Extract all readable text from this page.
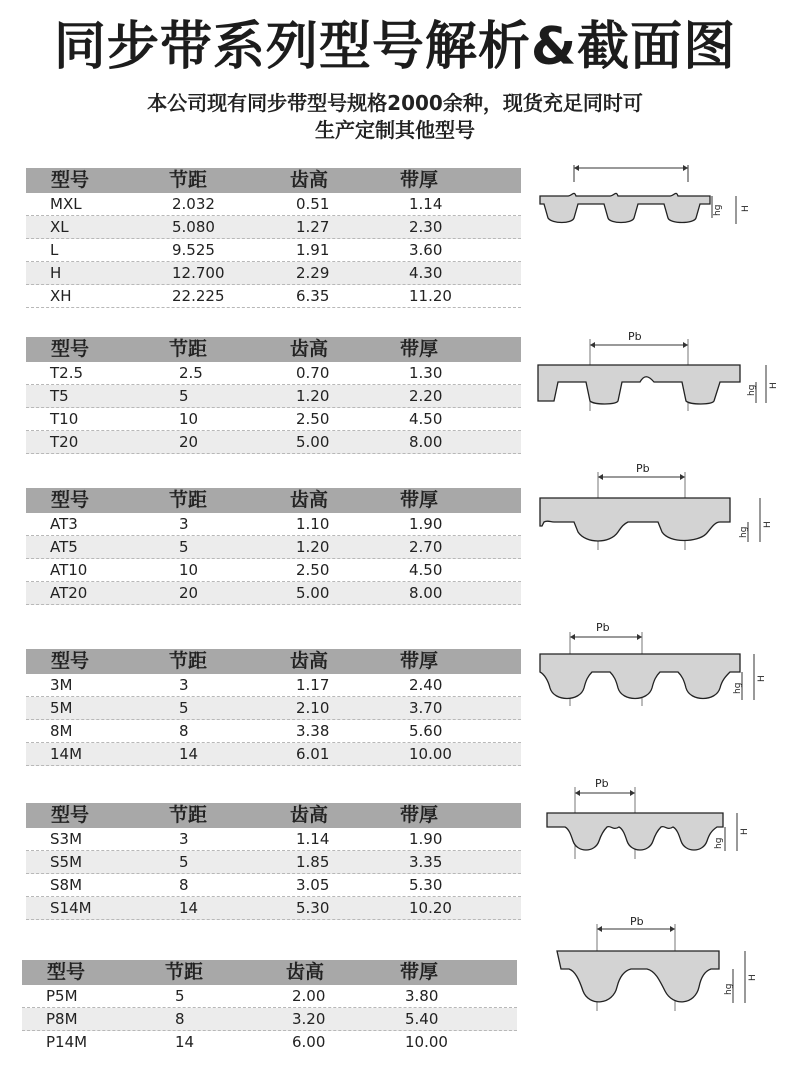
同步带系列型号解析&截面图
本公司现有同步带型号规格2000余种，现货充足同时可
生产定制其他型号
型号	节距	齿高	带厚
MXL	2.032	0.51	1.14
XL	5.080	1.27	2.30
L	9.525	1.91	3.60
H	12.700	2.29	4.30
XH	22.225	6.35	11.20
型号	节距	齿高	带厚
T2.5	2.5	0.70	1.30
T5	5	1.20	2.20
T10	10	2.50	4.50
T20	20	5.00	8.00
型号	节距	齿高	带厚
AT3	3	1.10	1.90
AT5	5	1.20	2.70
AT10	10	2.50	4.50
AT20	20	5.00	8.00
型号	节距	齿高	带厚
3M	3	1.17	2.40
5M	5	2.10	3.70
8M	8	3.38	5.60
14M	14	6.01	10.00
型号	节距	齿高	带厚
S3M	3	1.14	1.90
S5M	5	1.85	3.35
S8M	8	3.05	5.30
S14M	14	5.30	10.20
型号	节距	齿高	带厚
P5M	5	2.00	3.80
P8M	8	3.20	5.40
P14M	14	6.00	10.00
hg H
Pb
hg H
Pb
hg
H
Pb
hg
H
Pb
hg
H
Pb
hg
H
